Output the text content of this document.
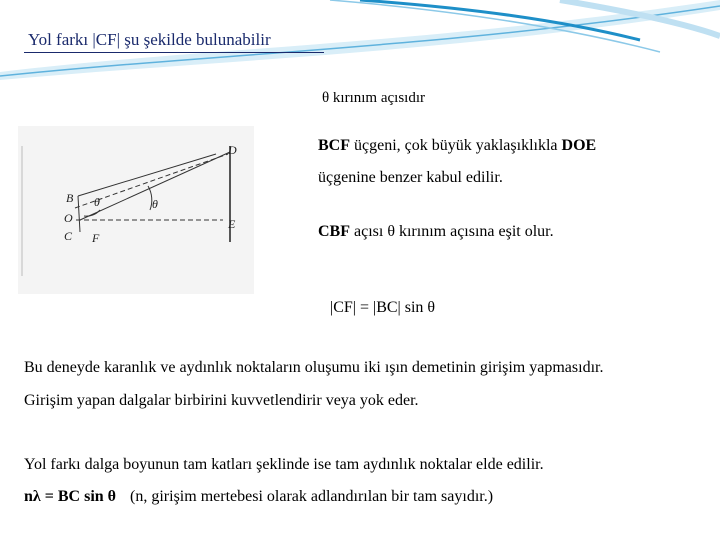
Yol farkı |CF| şu şekilde bulunabilir
θ kırınım açısıdır
B
O
C F
D
E
θ	θ
BCF üçgeni, çok büyük yaklaşıklıkla DOE
üçgenine benzer kabul edilir.
CBF açısı θ kırınım açısına eşit olur.
|CF| = |BC| sin θ
Bu deneyde karanlık ve aydınlık noktaların oluşumu iki ışın demetinin girişim yapmasıdır.
Girişim yapan dalgalar birbirini kuvvetlendirir veya yok eder.
Yol farkı dalga boyunun tam katları şeklinde ise tam aydınlık noktalar elde edilir.
nλ = BC sin θ (n, girişim mertebesi olarak adlandırılan bir tam sayıdır.)
